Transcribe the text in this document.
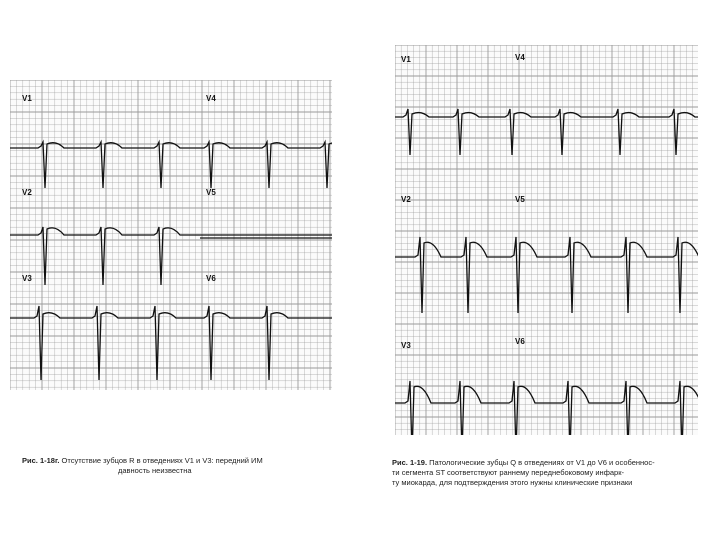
V1	V4
V2	V5
V3	V6
Рис. 1-18г. Отсутствие зубцов R в отведениях V1 и V3: передний ИМ
давность неизвестна
V1	V4
V2	V5
V3	V6
Рис. 1-19. Патологические зубцы Q в отведениях от V1 до V6 и особеннос-
ти сегмента ST соответствуют раннему переднебоковому инфарк-
ту миокарда, для подтверждения этого нужны клинические признаки
